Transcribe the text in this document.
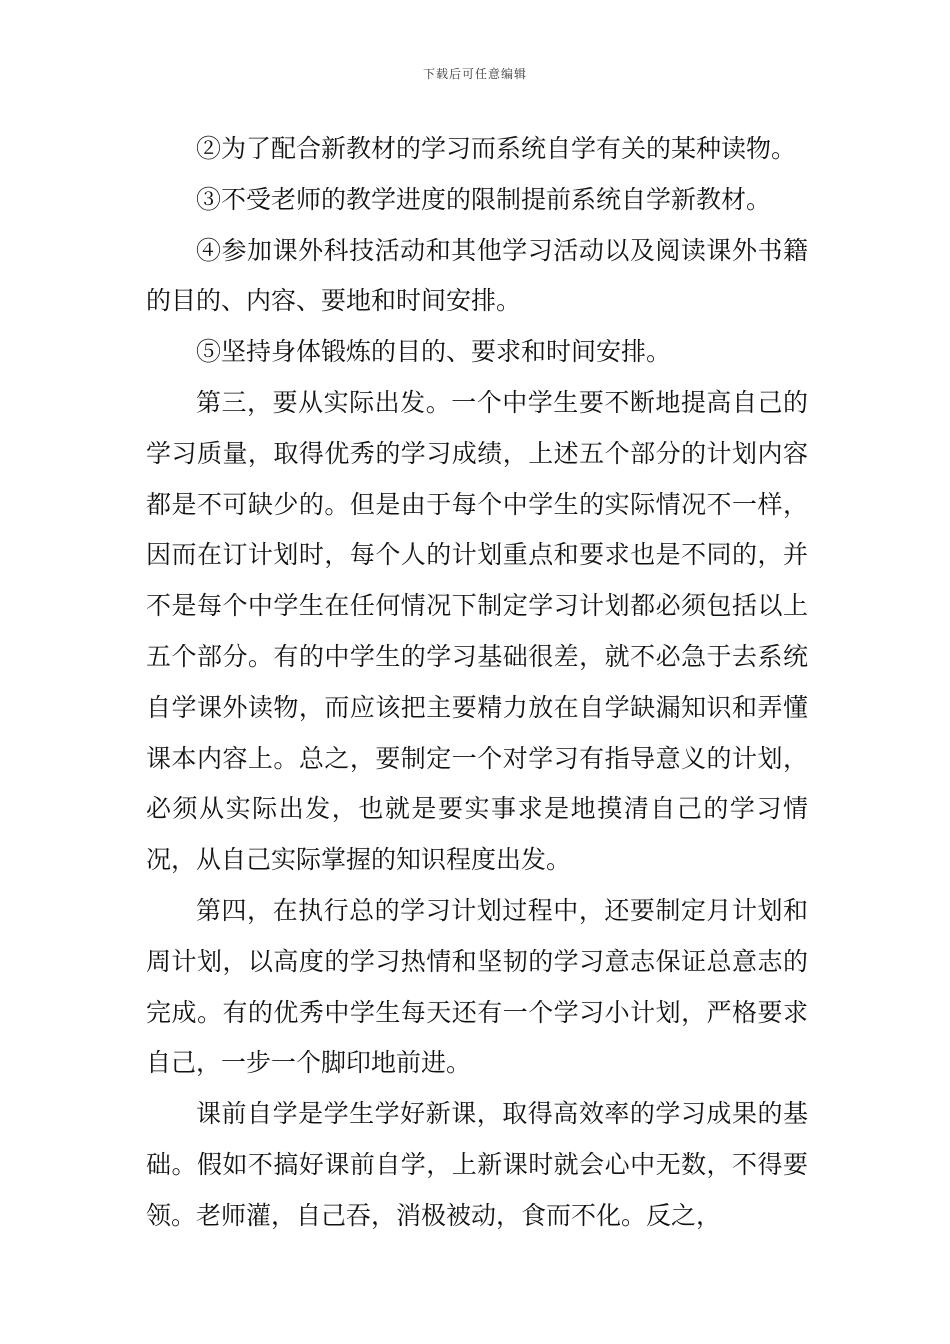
下载后可任意编辑

②为了配合新教材的学习而系统自学有关的某种读物。

③不受老师的教学进度的限制提前系统自学新教材。

④参加课外科技活动和其他学习活动以及阅读课外书籍的目的、内容、要地和时间安排。

⑤坚持身体锻炼的目的、要求和时间安排。

第三，要从实际出发。一个中学生要不断地提高自己的学习质量，取得优秀的学习成绩，上述五个部分的计划内容都是不可缺少的。但是由于每个中学生的实际情况不一样，因而在订计划时，每个人的计划重点和要求也是不同的，并不是每个中学生在任何情况下制定学习计划都必须包括以上五个部分。有的中学生的学习基础很差，就不必急于去系统自学课外读物，而应该把主要精力放在自学缺漏知识和弄懂课本内容上。总之，要制定一个对学习有指导意义的计划，必须从实际出发，也就是要实事求是地摸清自己的学习情况，从自己实际掌握的知识程度出发。

第四，在执行总的学习计划过程中，还要制定月计划和周计划，以高度的学习热情和坚韧的学习意志保证总意志的完成。有的优秀中学生每天还有一个学习小计划，严格要求自己，一步一个脚印地前进。

课前自学是学生学好新课，取得高效率的学习成果的基础。假如不搞好课前自学，上新课时就会心中无数，不得要领。老师灌，自己吞，消极被动，食而不化。反之，
